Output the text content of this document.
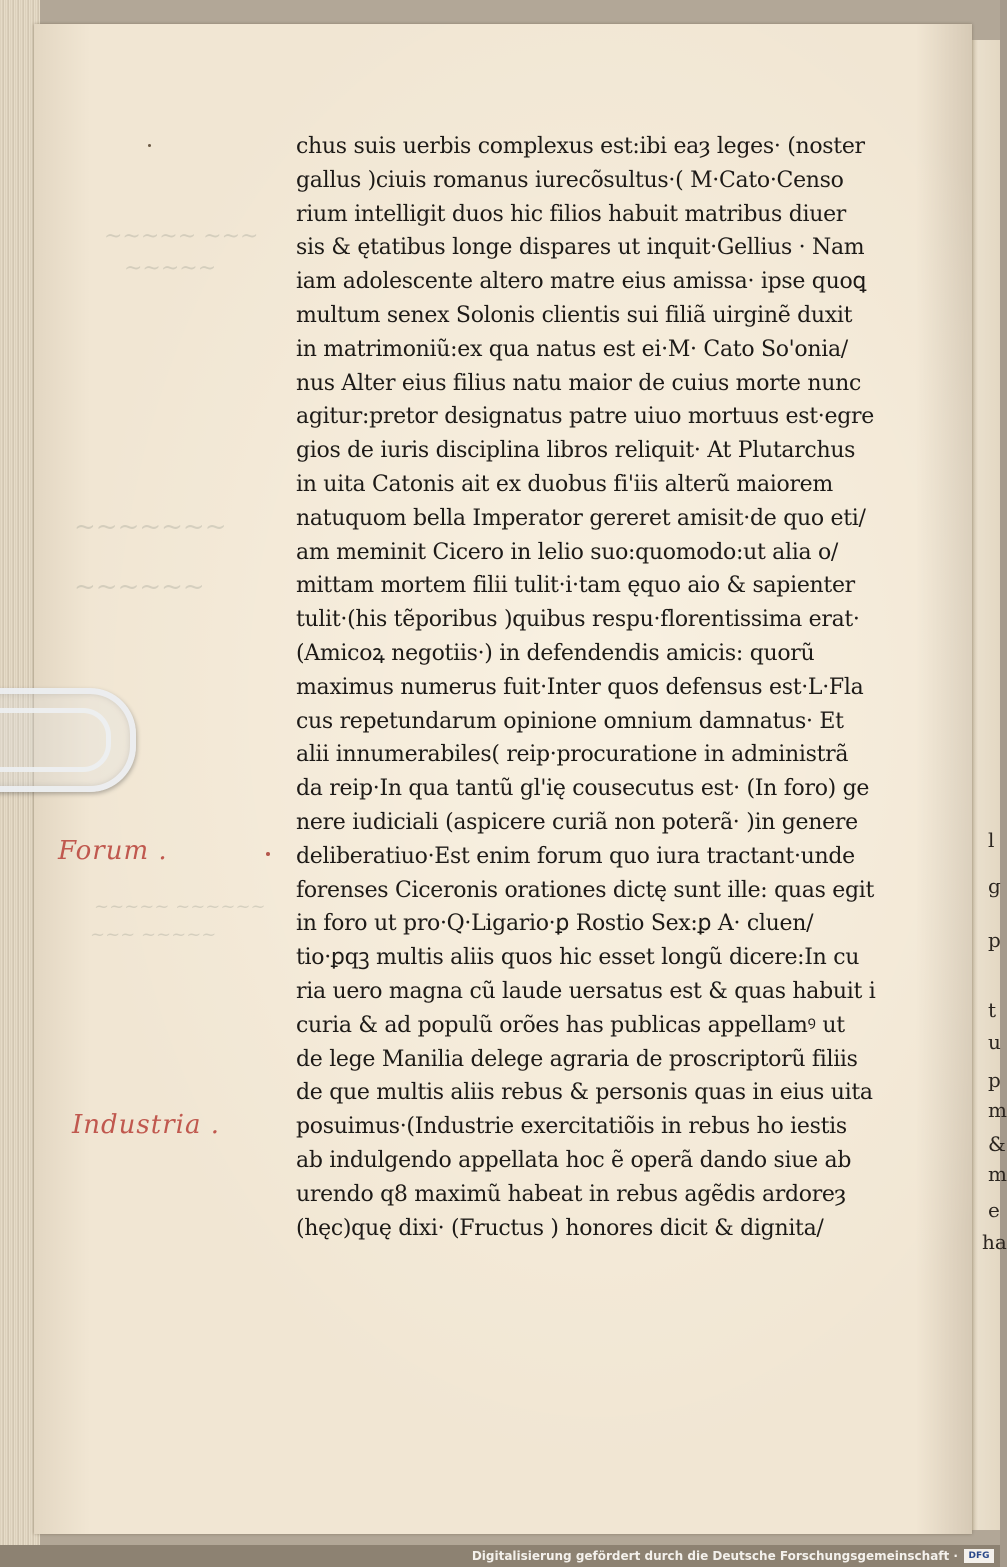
l
g
p
t
u
p
m
&
m
e
ha
~~~~~ ~~~
~~~~~
~~~~~~~
~~~~~~
~~~~~ ~~~~~~
~~~ ~~~~~
Forum .
Industria .
chus suis uerbis complexus est:ibi eaȝ leges· (noster
gallus )ciuis romanus iurecõsultus·( M·Cato·Censo
rium intelligit duos hic filios habuit matribus diuer
sis & ętatibus longe dispares ut inquit·Gellius · Nam
iam adolescente altero matre eius amissa· ipse quoꝗ
multum senex Solonis clientis sui filiã uirginẽ duxit
in matrimoniũ:ex qua natus est ei·M· Cato So'onia/
nus Alter eius filius natu maior de cuius morte nunc
agitur:pretor designatus patre uiuo mortuus est·egre
gios de iuris disciplina libros reliquit· At Plutarchus
in uita Catonis ait ex duobus fi'iis alterũ maiorem
natuquom bella Imperator gereret amisit·de quo eti/
am meminit Cicero in lelio suo:quomodo:ut alia o/
mittam mortem filii tulit·i·tam ęquo aio & sapienter
tulit·(his tẽporibus )quibus respu·florentissima erat·
(Amicoꝝ negotiis·) in defendendis amicis: quorũ
maximus numerus fuit·Inter quos defensus est·L·Fla
cus repetundarum opinione omnium damnatus· Et
alii innumerabiles( reip·procuratione in administrã
da reip·In qua tantũ gl'ię cousecutus est· (In foro) ge
nere iudiciali (aspicere curiã non poterã· )in genere
deliberatiuo·Est enim forum quo iura tractant·unde
forenses Ciceronis orationes dictę sunt ille: quas egit
in foro ut pro·Q·Ligario·ꝑ Rostio Sex:ꝑ A· cluen/
tio·ꝑqꝫ multis aliis quos hic esset longũ dicere:In cu
ria uero magna cũ laude uersatus est & quas habuit i
curia & ad populũ orões has publicas appellamꝰ ut
de lege Manilia delege agraria de proscriptorũ filiis
de que multis aliis rebus & personis quas in eius uita
posuimus·(Industrie exercitatiõis in rebus ho iestis
ab indulgendo appellata hoc ẽ operã dando siue ab
urendo q8 maximũ habeat in rebus agẽdis ardoreȝ
(hęc)quę dixi· (Fructus ) honores dicit & dignita/
Digitalisierung gefördert durch die Deutsche Forschungsgemeinschaft ·	DFG
